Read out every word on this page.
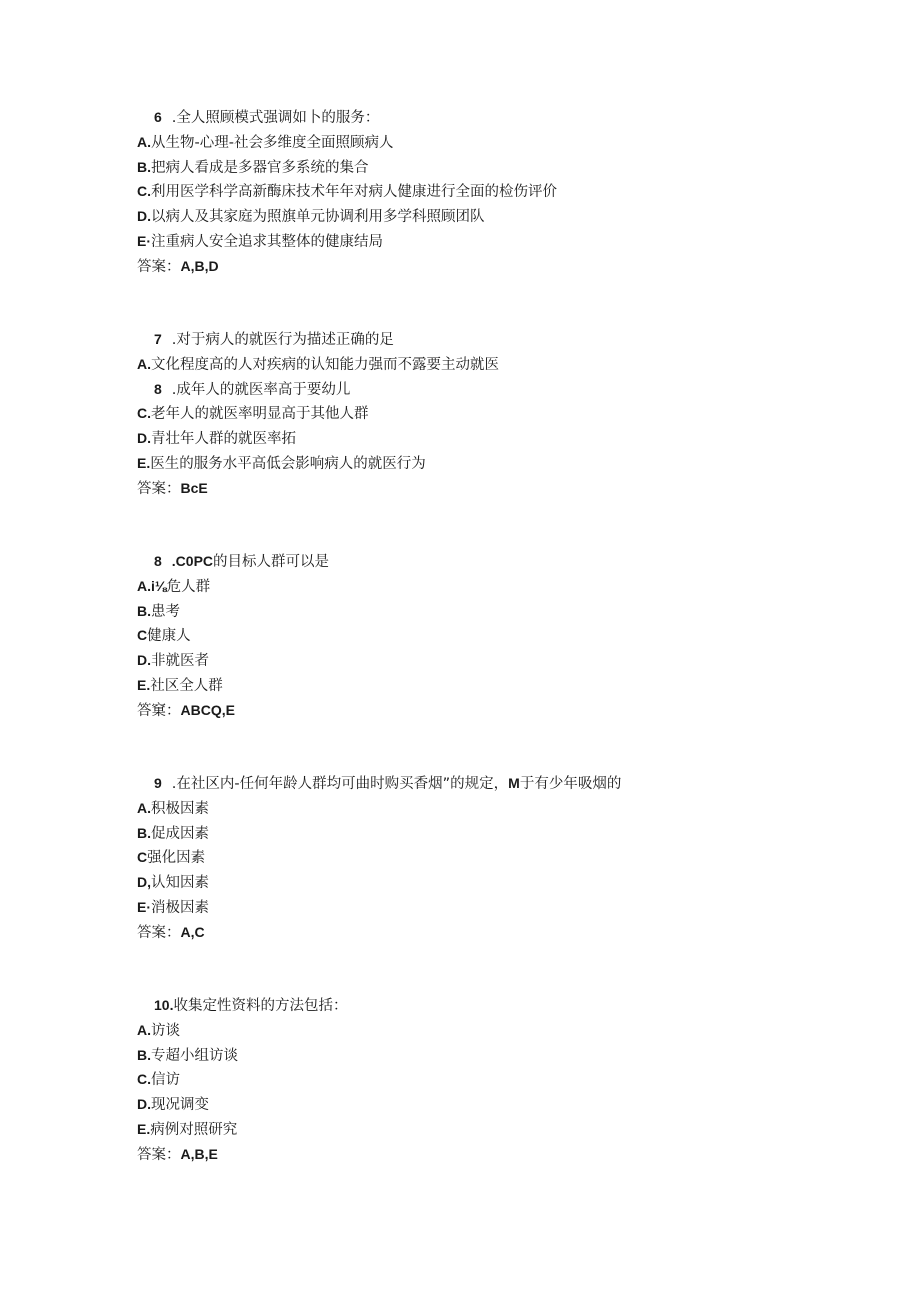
6 .全人照顾模式强调如卜的服务：
A.从生物-心理-社会多维度全面照顾病人
B.把病人看成是多器官多系统的集合
C.利用医学科学高新酶床技术年年对病人健康进行全面的检伤评价
D.以病人及其家庭为照旗单元协调利用多学科照顾团队
E·注重病人安全追求其整体的健康结局
答案：A,B,D
7 .对于病人的就医行为描述正确的足
A.文化程度高的人对疾病的认知能力强而不露要主动就医
8 .成年人的就医率高于要幼儿
C.老年人的就医率明显高于其他人群
D.青壮年人群的就医率拓
E.医生的服务水平高低会影响病人的就医行为
答案：BcE
8 .C0PC的目标人群可以是
A.i⅛危人群
B.患考
C健康人
D.非就医者
E.社区全人群
答窠：ABCQ,E
9 .在社区内-任何年龄人群均可曲时购买香烟”的规定，M于有少年吸烟的
A.积极因素
B.促成因素
C强化因素
D,认知因素
E·消极因素
答案：A,C
10.收集定性资料的方法包括：
A.访谈
B.专超小组访谈
C.信访
D.现况调变
E.病例对照研究
答案：A,B,E
